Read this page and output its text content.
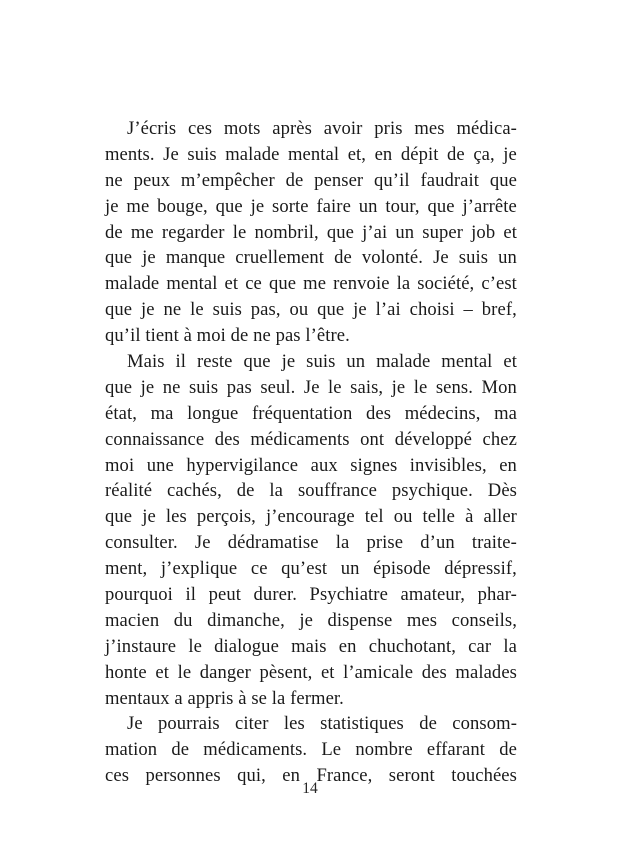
J’écris ces mots après avoir pris mes médica-
ments. Je suis malade mental et, en dépit de ça, je
ne peux m’empêcher de penser qu’il faudrait que
je me bouge, que je sorte faire un tour, que j’arrête
de me regarder le nombril, que j’ai un super job et
que je manque cruellement de volonté. Je suis un
malade mental et ce que me renvoie la société, c’est
que je ne le suis pas, ou que je l’ai choisi – bref,
qu’il tient à moi de ne pas l’être.
Mais il reste que je suis un malade mental et
que je ne suis pas seul. Je le sais, je le sens. Mon
état, ma longue fréquentation des médecins, ma
connaissance des médicaments ont développé chez
moi une hypervigilance aux signes invisibles, en
réalité cachés, de la souffrance psychique. Dès
que je les perçois, j’encourage tel ou telle à aller
consulter. Je dédramatise la prise d’un traite-
ment, j’explique ce qu’est un épisode dépressif,
pourquoi il peut durer. Psychiatre amateur, phar-
macien du dimanche, je dispense mes conseils,
j’instaure le dialogue mais en chuchotant, car la
honte et le danger pèsent, et l’amicale des malades
mentaux a appris à se la fermer.
Je pourrais citer les statistiques de consom-
mation de médicaments. Le nombre effarant de
ces personnes qui, en France, seront touchées
14
